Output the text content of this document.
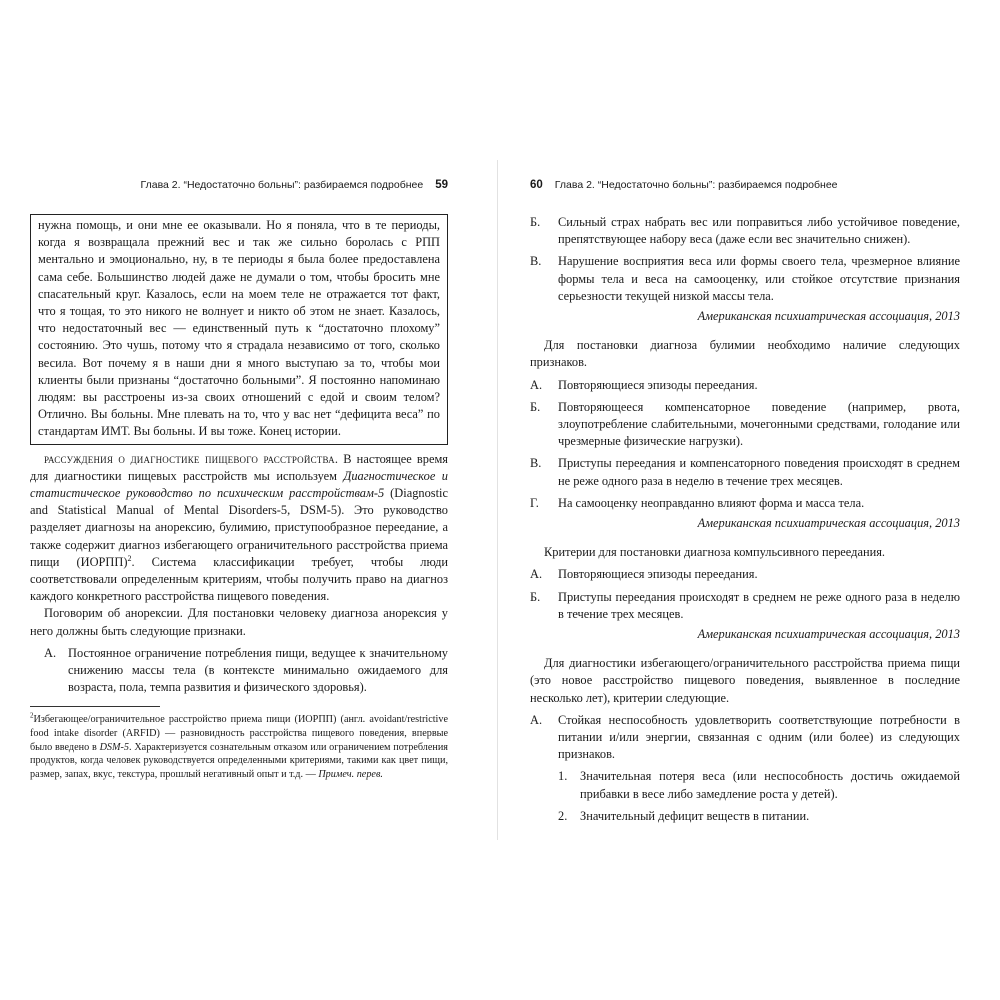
Глава 2. “Недостаточно больны”: разбираемся подробнее 59

нужна помощь, и они мне ее оказывали. Но я поняла, что в те периоды, когда я возвращала прежний вес и так же сильно боролась с РПП ментально и эмоционально, ну, в те периоды я была более предоставлена сама себе. Большинство людей даже не думали о том, чтобы бросить мне спасательный круг. Казалось, если на моем теле не отражается тот факт, что я тощая, то это никого не волнует и никто об этом не знает. Казалось, что недостаточный вес — единственный путь к “достаточно плохому” состоянию. Это чушь, потому что я страдала независимо от того, сколько весила. Вот почему я в наши дни я много выступаю за то, чтобы мои клиенты были признаны “достаточно больными”. Я постоянно напоминаю людям: вы расстроены из-за своих отношений с едой и своим телом? Отлично. Вы больны. Мне плевать на то, что у вас нет “дефицита веса” по стандартам ИМТ. Вы больны. И вы тоже. Конец истории.

рассуждения о диагностике пищевого расстройства. В настоящее время для диагностики пищевых расстройств мы используем Диагностическое и статистическое руководство по психическим расстройствам-5 (Diagnostic and Statistical Manual of Mental Disorders-5, DSM-5). Это руководство разделяет диагнозы на анорексию, булимию, приступообразное переедание, а также содержит диагноз избегающего ограничительного расстройства приема пищи (ИОРПП)$^2$. Система классификации требует, чтобы люди соответствовали определенным критериям, чтобы получить право на диагноз каждого конкретного расстройства пищевого поведения.

Поговорим об анорексии. Для постановки человеку диагноза анорексия у него должны быть следующие признаки.

А. Постоянное ограничение потребления пищи, ведущее к значительному снижению массы тела (в контексте минимально ожидаемого для возраста, пола, темпа развития и физического здоровья).

$^2$Избегающее/ограничительное расстройство приема пищи (ИОРПП) (англ. avoidant/restrictive food intake disorder (ARFID) — разновидность расстройства пищевого поведения, впервые было введено в DSM-5. Характеризуется сознательным отказом или ограничением потребления продуктов, когда человек руководствуется определенными критериями, такими как цвет пищи, размер, запах, вкус, текстура, прошлый негативный опыт и т.д. — Примеч. перев.

60 Глава 2. “Недостаточно больны”: разбираемся подробнее
Б.	Сильный страх набрать вес или поправиться либо устойчивое поведение, препятствующее набору веса (даже если вес значительно снижен).
В.	Нарушение восприятия веса или формы своего тела, чрезмерное влияние формы тела и веса на самооценку, или стойкое отсутствие признания серьезности текущей низкой массы тела.

Американская психиатрическая ассоциация, 2013

Для постановки диагноза булимии необходимо наличие следующих признаков.

А.	Повторяющиеся эпизоды переедания.
Б.	Повторяющееся компенсаторное поведение (например, рвота, злоупотребление слабительными, мочегонными средствами, голодание или чрезмерные физические нагрузки).
В.	Приступы переедания и компенсаторного поведения происходят в среднем не реже одного раза в неделю в течение трех месяцев.
Г.	На самооценку неоправданно влияют форма и масса тела.

Американская психиатрическая ассоциация, 2013

Критерии для постановки диагноза компульсивного переедания.

А.	Повторяющиеся эпизоды переедания.
Б.	Приступы переедания происходят в среднем не реже одного раза в неделю в течение трех месяцев.

Американская психиатрическая ассоциация, 2013

Для диагностики избегающего/ограничительного расстройства приема пищи (это новое расстройство пищевого поведения, выявленное в последние несколько лет), критерии следующие.

А.	Стойкая неспособность удовлетворить соответствующие потребности в питании и/или энергии, связанная с одним (или более) из следующих признаков.
1.	Значительная потеря веса (или неспособность достичь ожидаемой прибавки в весе либо замедление роста у детей).
2.	Значительный дефицит веществ в питании.
